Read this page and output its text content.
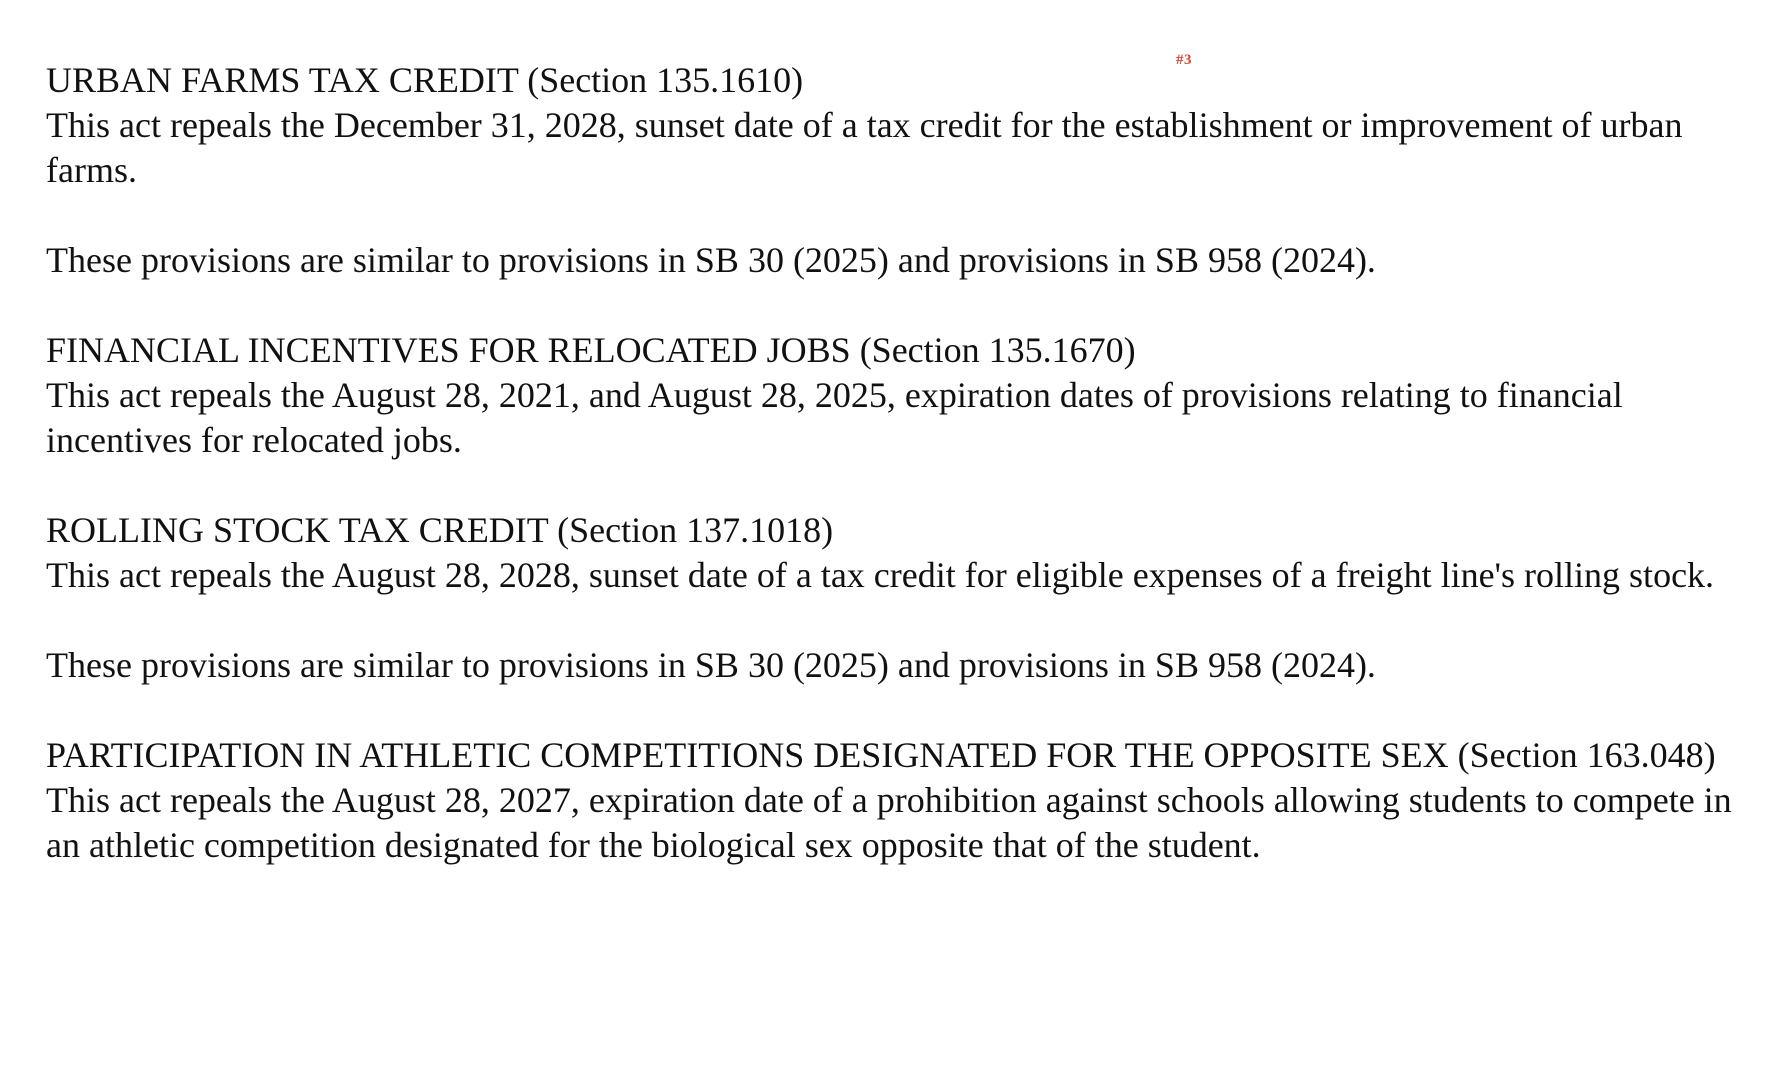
#3

URBAN FARMS TAX CREDIT (Section 135.1610)

This act repeals the December 31, 2028, sunset date of a tax credit for the establishment or improvement of urban farms.

These provisions are similar to provisions in SB 30 (2025) and provisions in SB 958 (2024).

FINANCIAL INCENTIVES FOR RELOCATED JOBS (Section 135.1670)

This act repeals the August 28, 2021, and August 28, 2025, expiration dates of provisions relating to financial incentives for relocated jobs.

ROLLING STOCK TAX CREDIT (Section 137.1018)

This act repeals the August 28, 2028, sunset date of a tax credit for eligible expenses of a freight line's rolling stock.

These provisions are similar to provisions in SB 30 (2025) and provisions in SB 958 (2024).

PARTICIPATION IN ATHLETIC COMPETITIONS DESIGNATED FOR THE OPPOSITE SEX (Section 163.048)

This act repeals the August 28, 2027, expiration date of a prohibition against schools allowing students to compete in an athletic competition designated for the biological sex opposite that of the student.
